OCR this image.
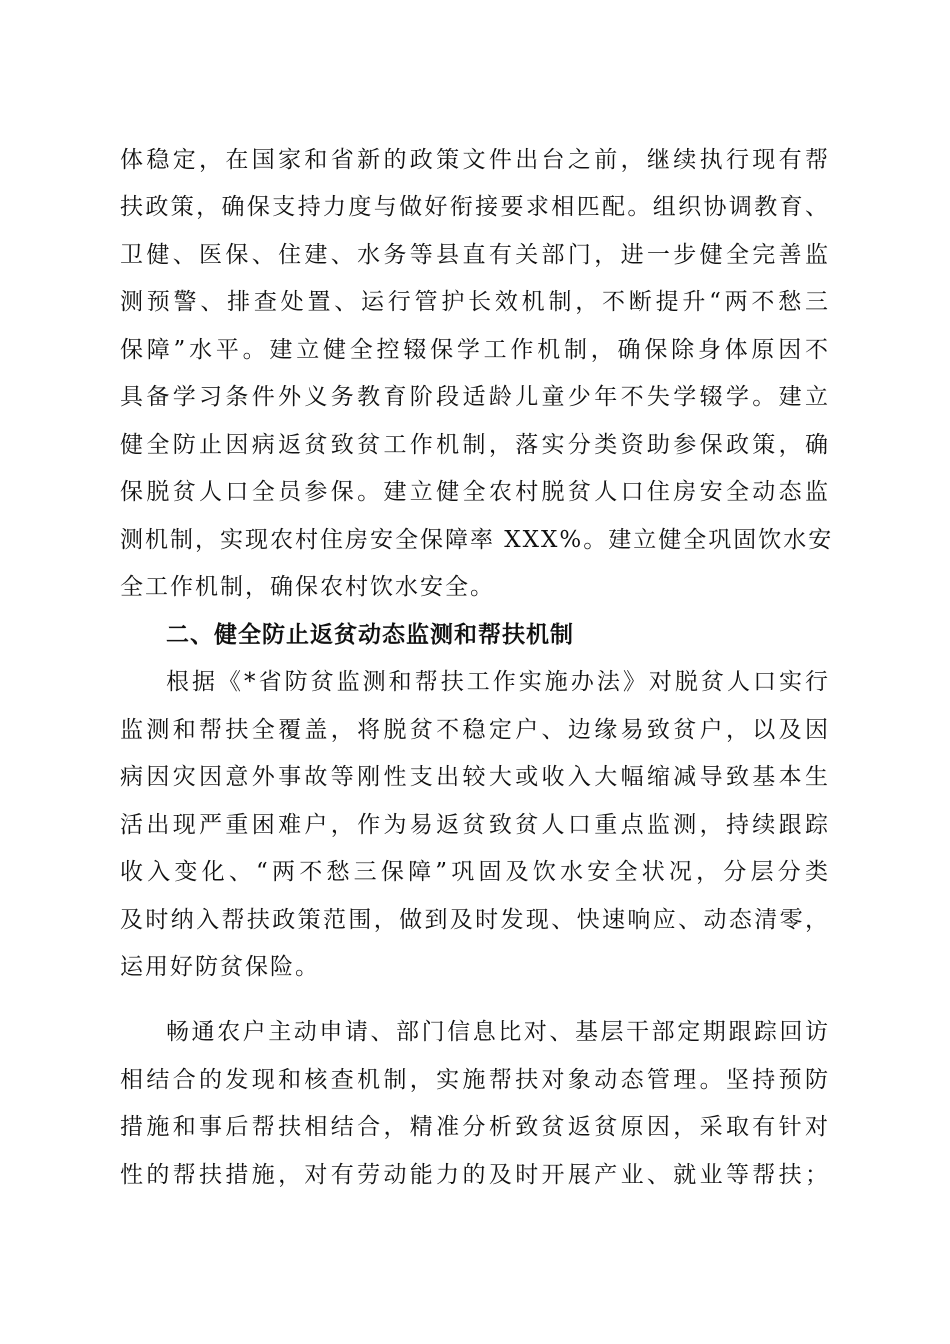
体稳定，在国家和省新的政策文件出台之前，继续执行现有帮
扶政策，确保支持力度与做好衔接要求相匹配。组织协调教育、
卫健、医保、住建、水务等县直有关部门，进一步健全完善监
测预警、排查处置、运行管护长效机制，不断提升“两不愁三
保障”水平。建立健全控辍保学工作机制，确保除身体原因不
具备学习条件外义务教育阶段适龄儿童少年不失学辍学。建立
健全防止因病返贫致贫工作机制，落实分类资助参保政策，确
保脱贫人口全员参保。建立健全农村脱贫人口住房安全动态监
测机制，实现农村住房安全保障率 XXX%。建立健全巩固饮水安
全工作机制，确保农村饮水安全。
二、健全防止返贫动态监测和帮扶机制
根据《*省防贫监测和帮扶工作实施办法》对脱贫人口实行
监测和帮扶全覆盖，将脱贫不稳定户、边缘易致贫户，以及因
病因灾因意外事故等刚性支出较大或收入大幅缩减导致基本生
活出现严重困难户，作为易返贫致贫人口重点监测，持续跟踪
收入变化、“两不愁三保障”巩固及饮水安全状况，分层分类
及时纳入帮扶政策范围，做到及时发现、快速响应、动态清零，
运用好防贫保险。
畅通农户主动申请、部门信息比对、基层干部定期跟踪回访
相结合的发现和核查机制，实施帮扶对象动态管理。坚持预防
措施和事后帮扶相结合，精准分析致贫返贫原因，采取有针对
性的帮扶措施，对有劳动能力的及时开展产业、就业等帮扶；
